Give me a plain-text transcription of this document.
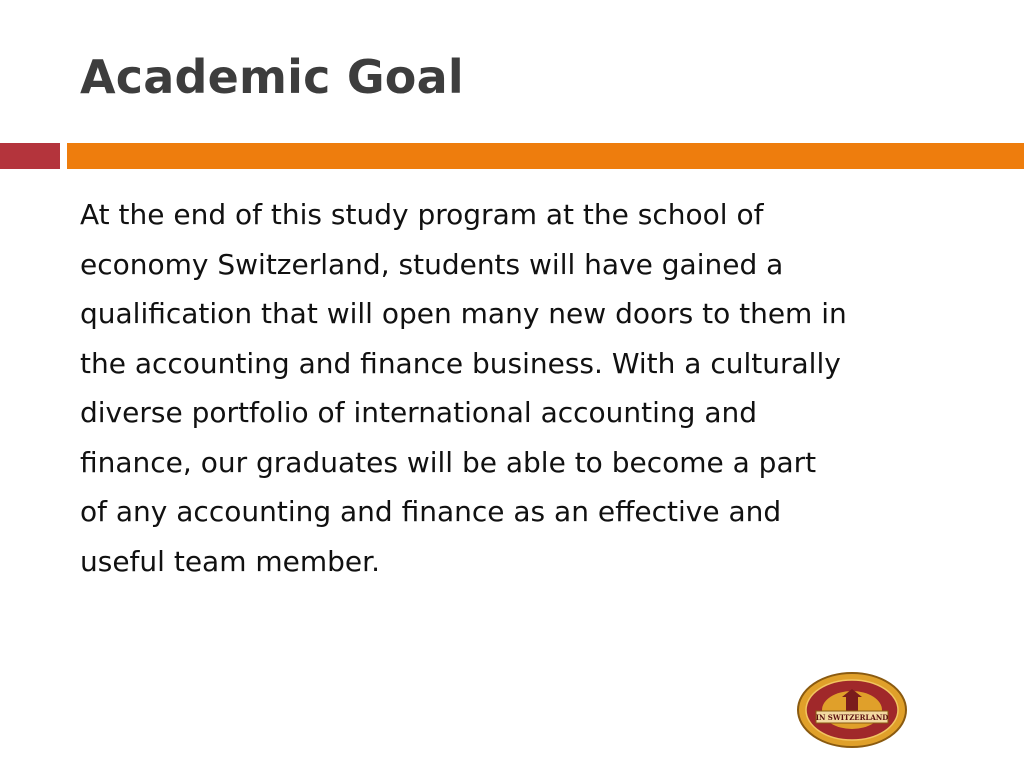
Academic Goal

At the end of this study program at the school of
economy Switzerland, students will have gained a
qualification that will open many new doors to them in
the accounting and finance business. With a culturally
diverse portfolio of international accounting and
finance, our graduates will be able to become a part
of any accounting and finance as an effective and
useful team member.

IN SWITZERLAND
